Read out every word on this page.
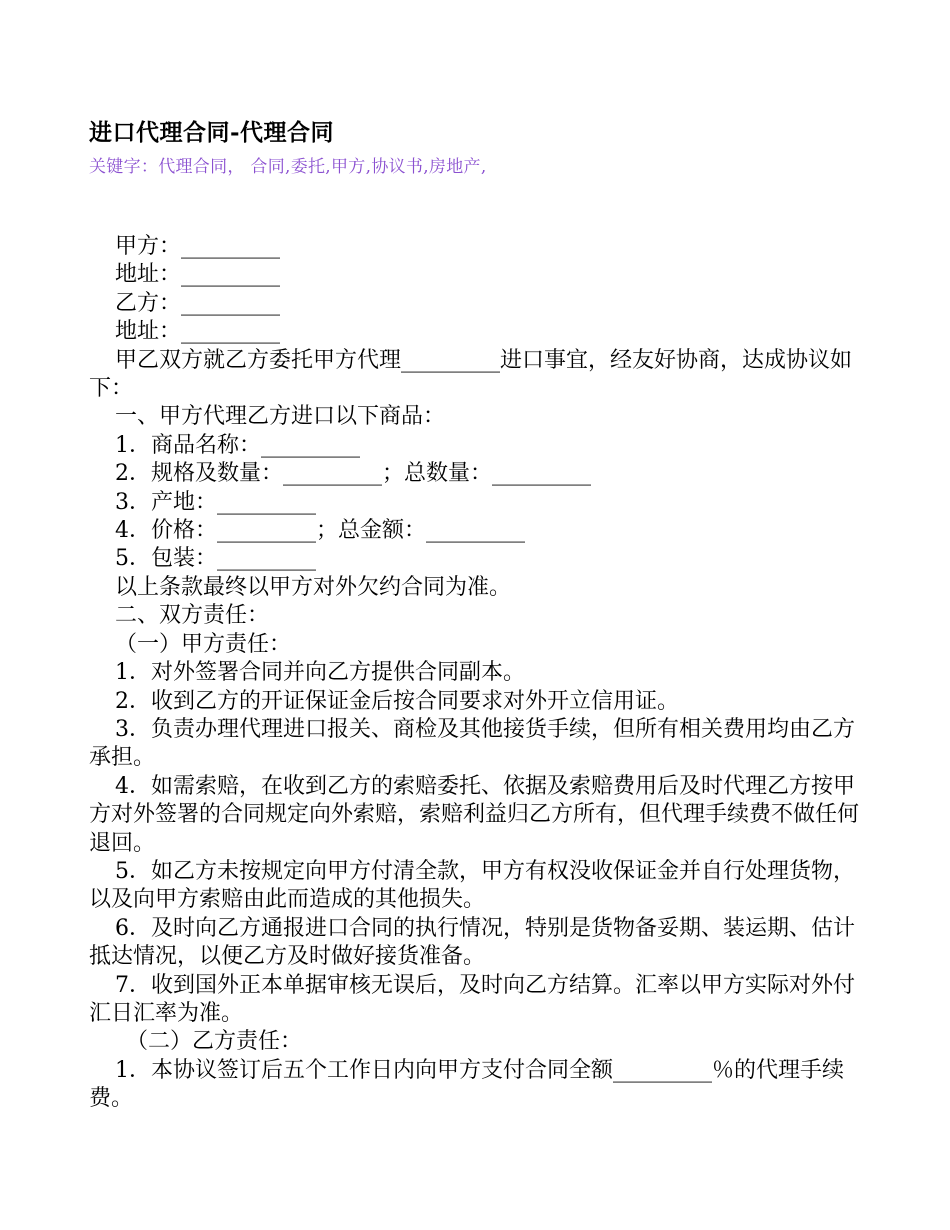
进口代理合同-代理合同
关键字：代理合同， 合同,委托,甲方,协议书,房地产,

甲方：_________

地址：_________

乙方：_________

地址：_________

甲乙双方就乙方委托甲方代理_________进口事宜，经友好协商，达成协议如下：

一、甲方代理乙方进口以下商品：

1．商品名称：_________

2．规格及数量：_________；总数量：_________

3．产地：_________

4．价格：_________；总金额：_________

5．包装：_________

以上条款最终以甲方对外欠约合同为准。

二、双方责任：

（一）甲方责任：

1．对外签署合同并向乙方提供合同副本。

2．收到乙方的开证保证金后按合同要求对外开立信用证。

3．负责办理代理进口报关、商检及其他接货手续，但所有相关费用均由乙方承担。

4．如需索赔，在收到乙方的索赔委托、依据及索赔费用后及时代理乙方按甲方对外签署的合同规定向外索赔，索赔利益归乙方所有，但代理手续费不做任何退回。

5．如乙方未按规定向甲方付清全款，甲方有权没收保证金并自行处理货物，以及向甲方索赔由此而造成的其他损失。

6．及时向乙方通报进口合同的执行情况，特别是货物备妥期、装运期、估计抵达情况，以便乙方及时做好接货准备。

7．收到国外正本单据审核无误后，及时向乙方结算。汇率以甲方实际对外付汇日汇率为准。

（二）乙方责任：

1．本协议签订后五个工作日内向甲方支付合同全额_________％的代理手续费。
